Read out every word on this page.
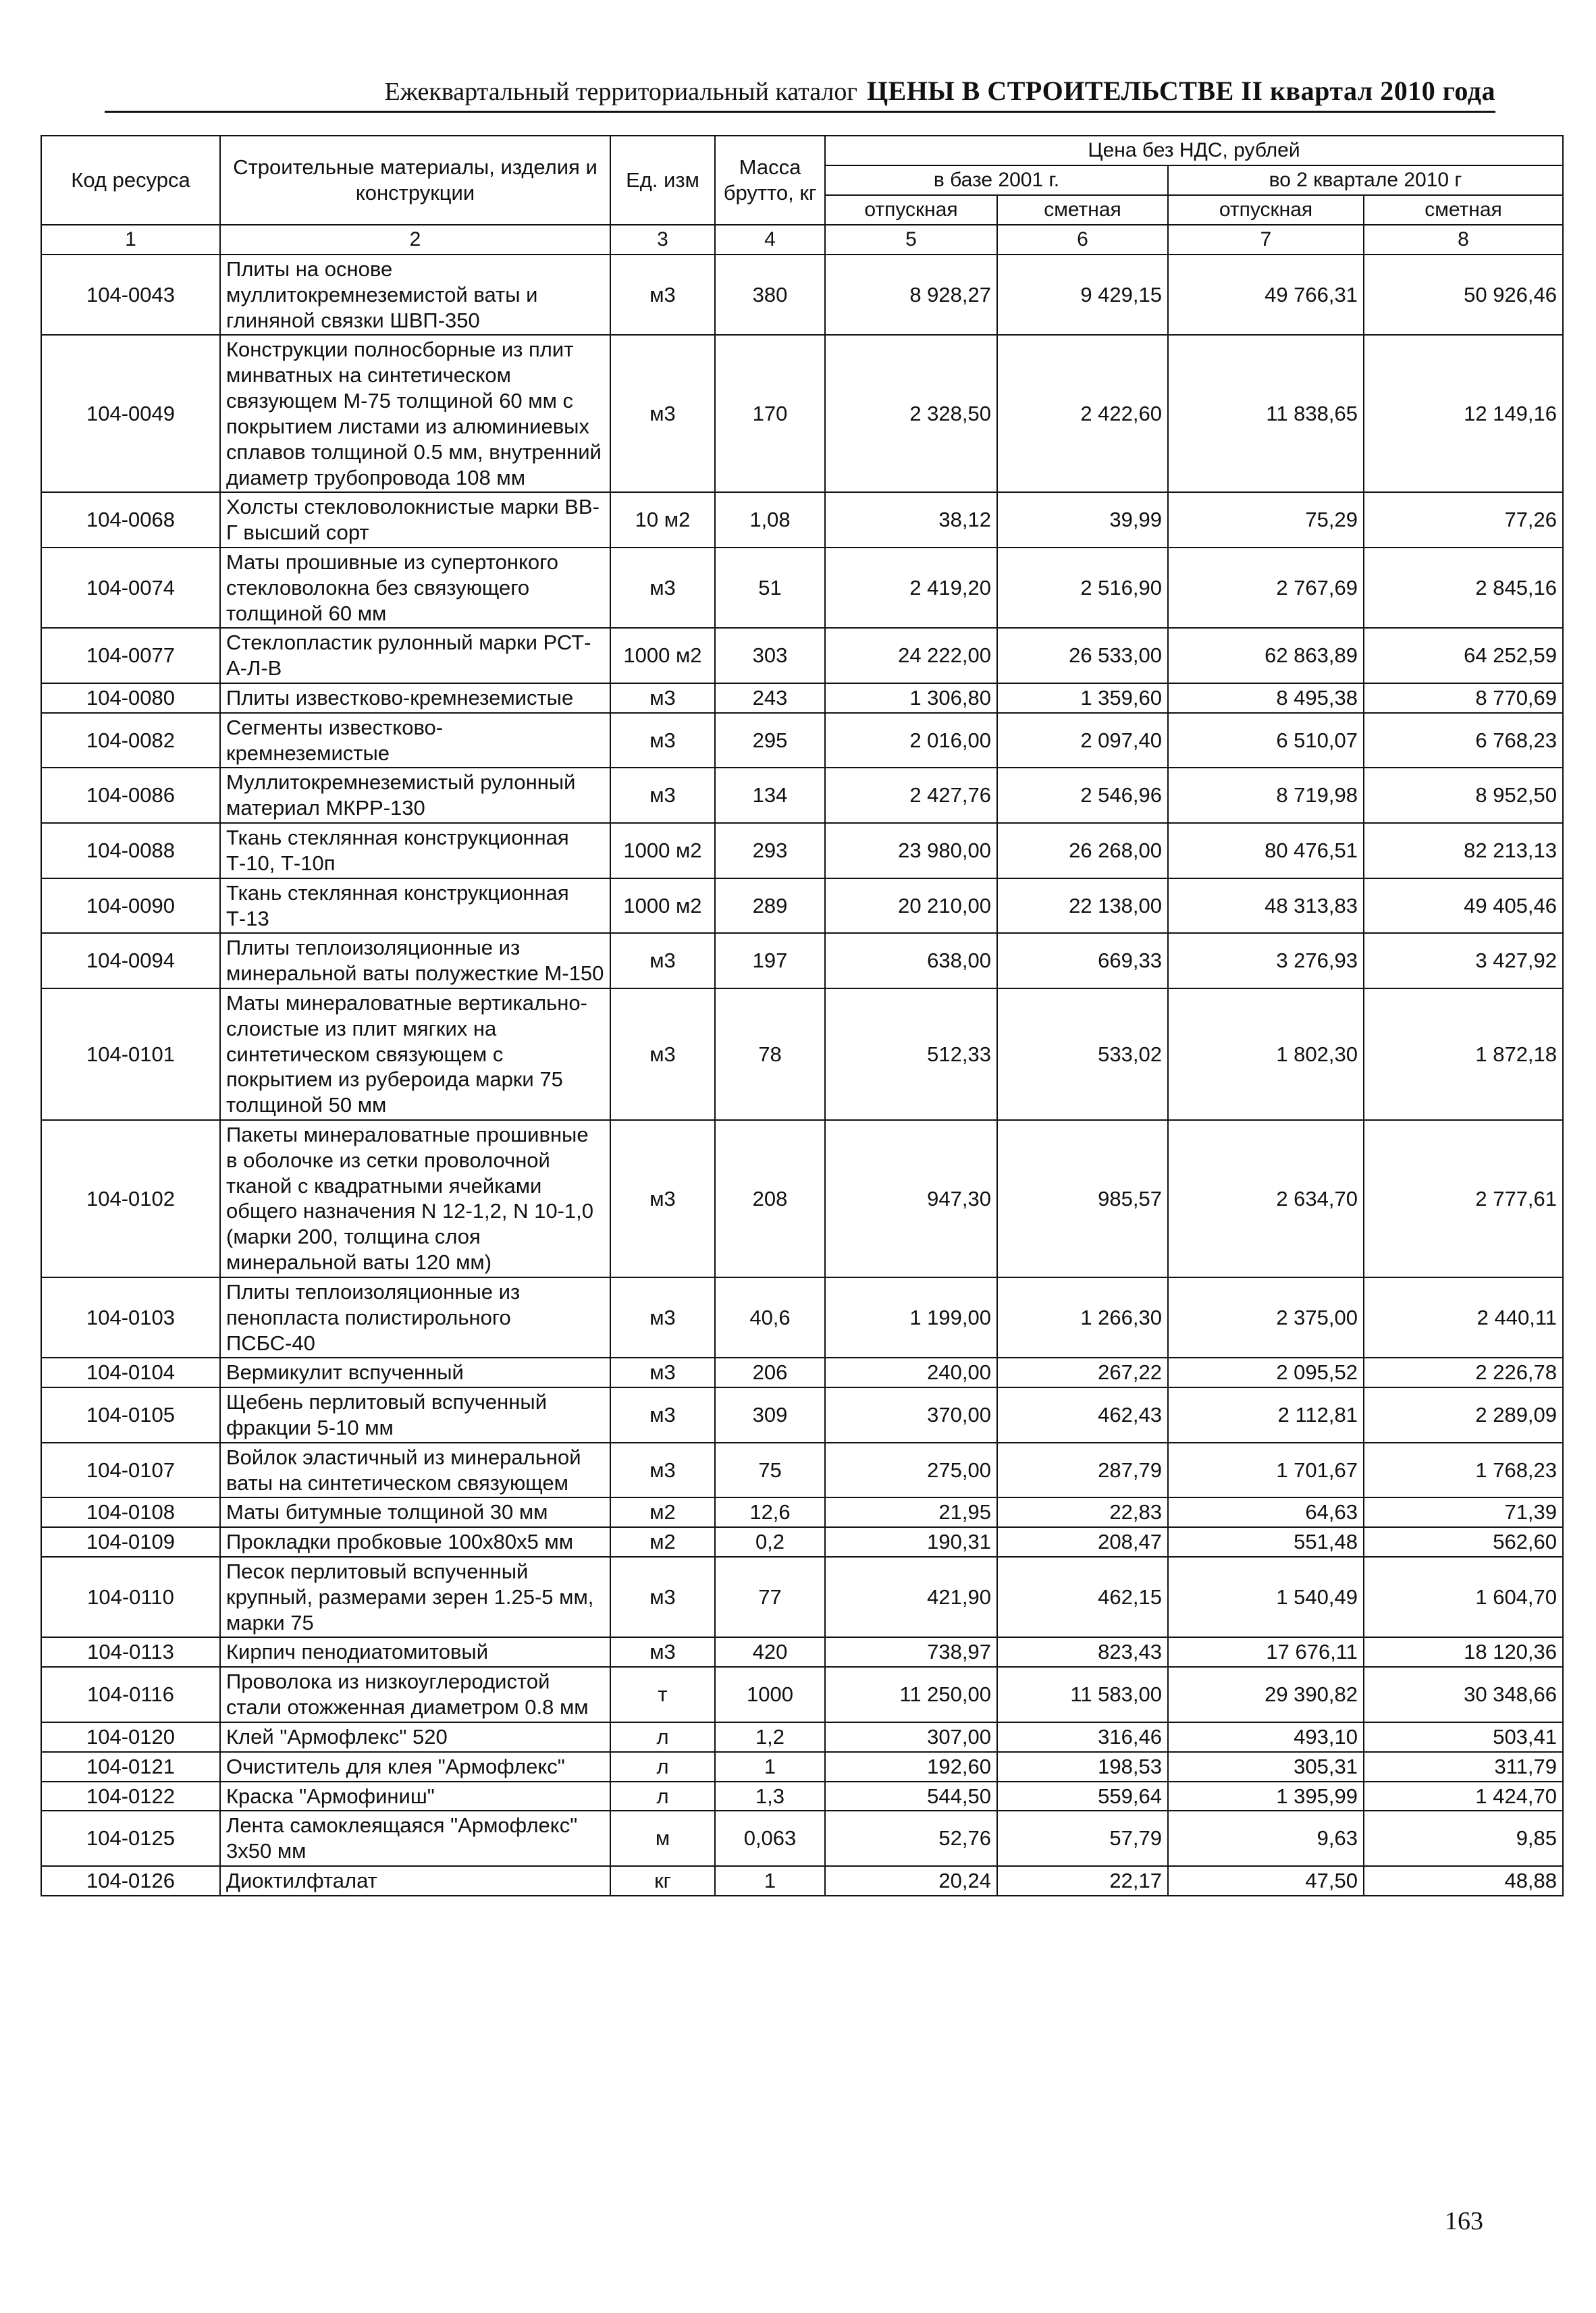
Ежеквартальный территориальный каталог ЦЕНЫ В СТРОИТЕЛЬСТВЕ II квартал 2010 года
Код ресурса	Строительные материалы, изделия и конструкции	Ед. изм	Масса брутто, кг	Цена без НДС, рублей			
				в базе 2001 г.		во 2 квартале 2010 г	
				отпускная	сметная	отпускная	сметная
1	2	3	4	5	6	7	8
104-0043	Плиты на основе муллитокремнеземистой ваты и глиняной связки ШВП-350	м3	380	8 928,27	9 429,15	49 766,31	50 926,46
104-0049	Конструкции полносборные из плит минватных на синтетическом связующем М-75 толщиной 60 мм с покрытием листами из алюминиевых сплавов толщиной 0.5 мм, внутренний диаметр трубопровода 108 мм	м3	170	2 328,50	2 422,60	11 838,65	12 149,16
104-0068	Холсты стекловолокнистые марки ВВ-Г высший сорт	10 м2	1,08	38,12	39,99	75,29	77,26
104-0074	Маты прошивные из супертонкого стекловолокна без связующего толщиной 60 мм	м3	51	2 419,20	2 516,90	2 767,69	2 845,16
104-0077	Стеклопластик рулонный марки РСТ-А-Л-В	1000 м2	303	24 222,00	26 533,00	62 863,89	64 252,59
104-0080	Плиты известково-кремнеземистые	м3	243	1 306,80	1 359,60	8 495,38	8 770,69
104-0082	Сегменты известково-кремнеземистые	м3	295	2 016,00	2 097,40	6 510,07	6 768,23
104-0086	Муллитокремнеземистый рулонный материал МКРР-130	м3	134	2 427,76	2 546,96	8 719,98	8 952,50
104-0088	Ткань стеклянная конструкционная Т-10, Т-10п	1000 м2	293	23 980,00	26 268,00	80 476,51	82 213,13
104-0090	Ткань стеклянная конструкционная Т-13	1000 м2	289	20 210,00	22 138,00	48 313,83	49 405,46
104-0094	Плиты теплоизоляционные из минеральной ваты полужесткие М-150	м3	197	638,00	669,33	3 276,93	3 427,92
104-0101	Маты минераловатные вертикально-слоистые из плит мягких на синтетическом связующем с покрытием из рубероида марки 75 толщиной 50 мм	м3	78	512,33	533,02	1 802,30	1 872,18
104-0102	Пакеты минераловатные прошивные в оболочке из сетки проволочной тканой с квадратными ячейками общего назначения N 12-1,2, N 10-1,0 (марки 200, толщина слоя минеральной ваты 120 мм)	м3	208	947,30	985,57	2 634,70	2 777,61
104-0103	Плиты теплоизоляционные из пенопласта полистирольного ПСБС-40	м3	40,6	1 199,00	1 266,30	2 375,00	2 440,11
104-0104	Вермикулит вспученный	м3	206	240,00	267,22	2 095,52	2 226,78
104-0105	Щебень перлитовый вспученный фракции 5-10 мм	м3	309	370,00	462,43	2 112,81	2 289,09
104-0107	Войлок эластичный из минеральной ваты на синтетическом связующем	м3	75	275,00	287,79	1 701,67	1 768,23
104-0108	Маты битумные толщиной 30 мм	м2	12,6	21,95	22,83	64,63	71,39
104-0109	Прокладки пробковые 100х80х5 мм	м2	0,2	190,31	208,47	551,48	562,60
104-0110	Песок перлитовый вспученный крупный, размерами зерен 1.25-5 мм, марки 75	м3	77	421,90	462,15	1 540,49	1 604,70
104-0113	Кирпич пенодиатомитовый	м3	420	738,97	823,43	17 676,11	18 120,36
104-0116	Проволока из низкоуглеродистой стали отожженная диаметром 0.8 мм	т	1000	11 250,00	11 583,00	29 390,82	30 348,66
104-0120	Клей "Армофлекс" 520	л	1,2	307,00	316,46	493,10	503,41
104-0121	Очиститель для клея "Армофлекс"	л	1	192,60	198,53	305,31	311,79
104-0122	Краска "Армофиниш"	л	1,3	544,50	559,64	1 395,99	1 424,70
104-0125	Лента самоклеящаяся "Армофлекс" 3х50 мм	м	0,063	52,76	57,79	9,63	9,85
104-0126	Диоктилфталат	кг	1	20,24	22,17	47,50	48,88
163
